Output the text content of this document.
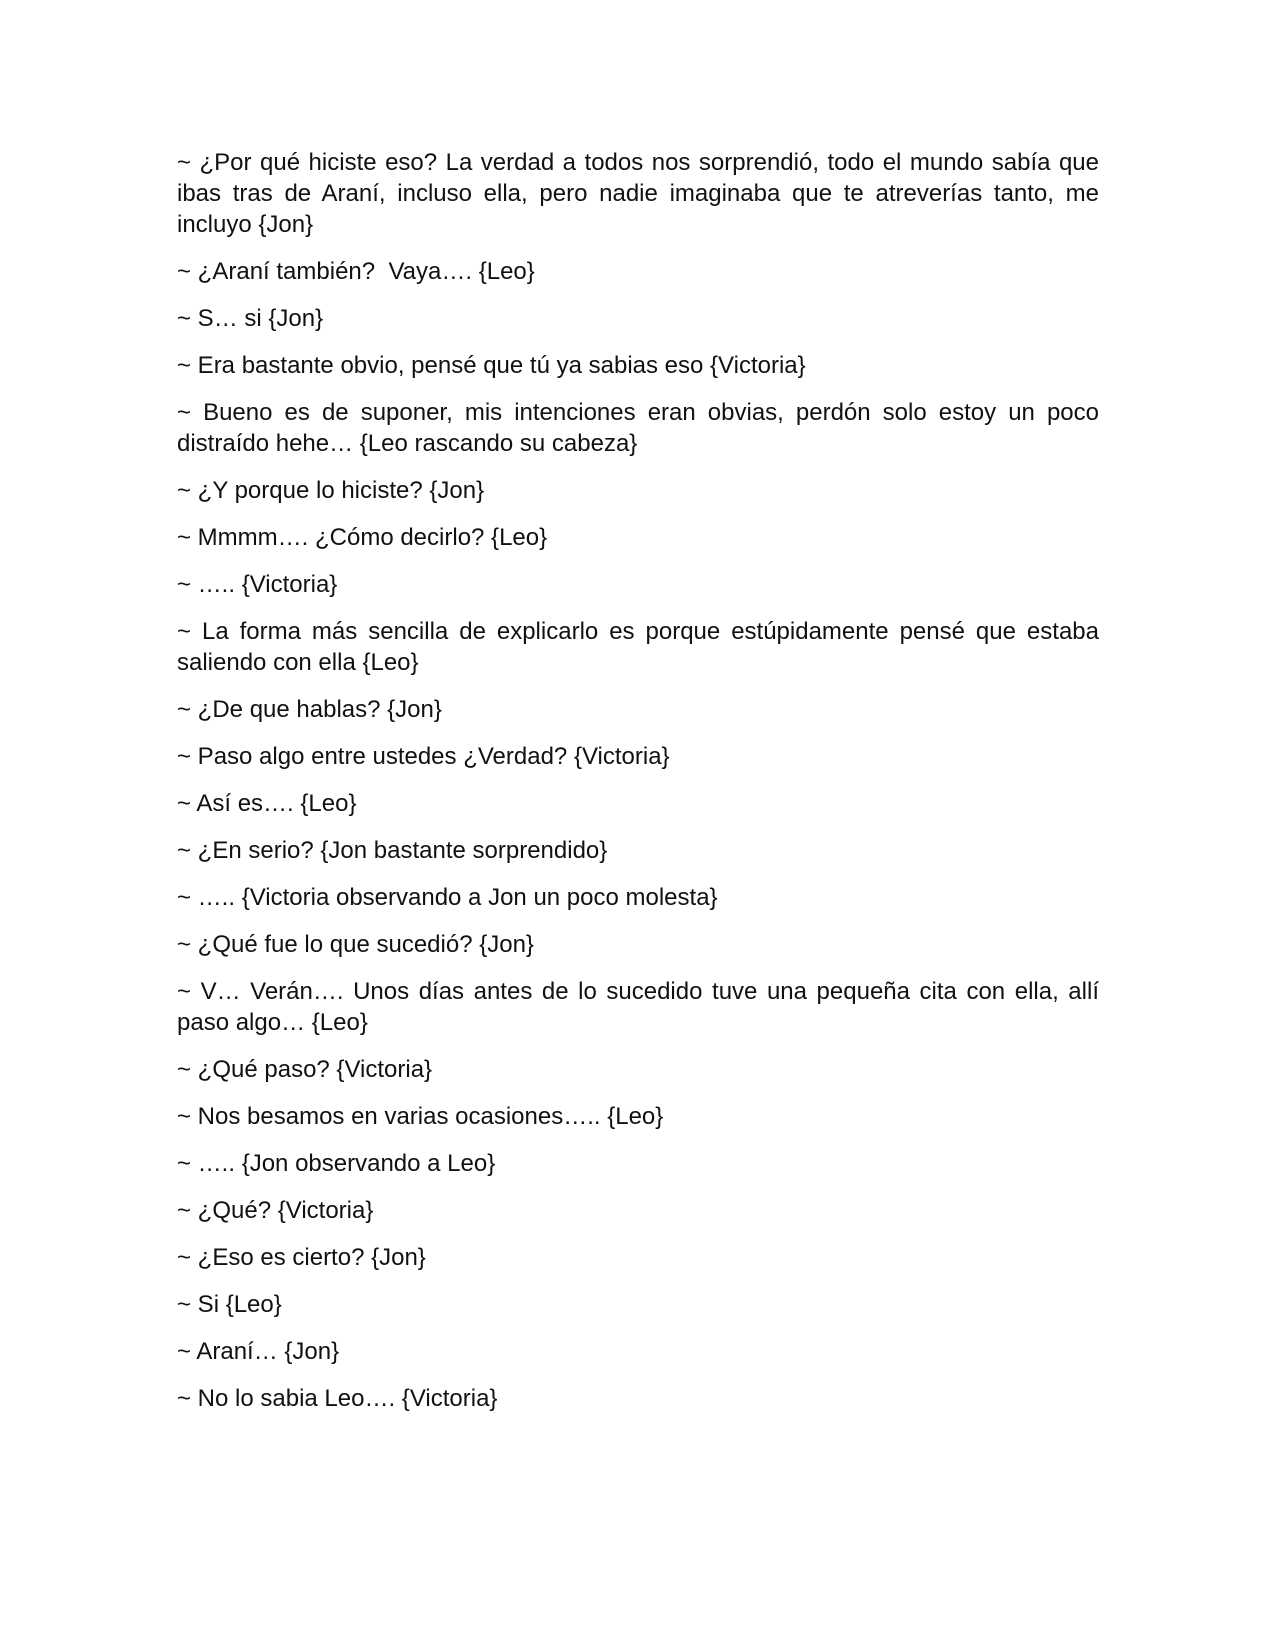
~ ¿Por qué hiciste eso? La verdad a todos nos sorprendió, todo el mundo sabía que ibas tras de Araní, incluso ella, pero nadie imaginaba que te atreverías tanto, me incluyo {Jon}

~ ¿Araní también?  Vaya…. {Leo}

~ S… si {Jon}

~ Era bastante obvio, pensé que tú ya sabias eso {Victoria}

~ Bueno es de suponer, mis intenciones eran obvias, perdón solo estoy un poco distraído hehe… {Leo rascando su cabeza}

~ ¿Y porque lo hiciste? {Jon}

~ Mmmm…. ¿Cómo decirlo? {Leo}

~ ….. {Victoria}

~ La forma más sencilla de explicarlo es porque estúpidamente pensé que estaba saliendo con ella {Leo}

~ ¿De que hablas? {Jon}

~ Paso algo entre ustedes ¿Verdad? {Victoria}

~ Así es…. {Leo}

~ ¿En serio? {Jon bastante sorprendido}

~ ….. {Victoria observando a Jon un poco molesta}

~ ¿Qué fue lo que sucedió? {Jon}

~ V… Verán…. Unos días antes de lo sucedido tuve una pequeña cita con ella, allí paso algo… {Leo}

~ ¿Qué paso? {Victoria}

~ Nos besamos en varias ocasiones….. {Leo}

~ ….. {Jon observando a Leo}

~ ¿Qué? {Victoria}

~ ¿Eso es cierto? {Jon}

~ Si {Leo}

~ Araní… {Jon}

~ No lo sabia Leo…. {Victoria}
